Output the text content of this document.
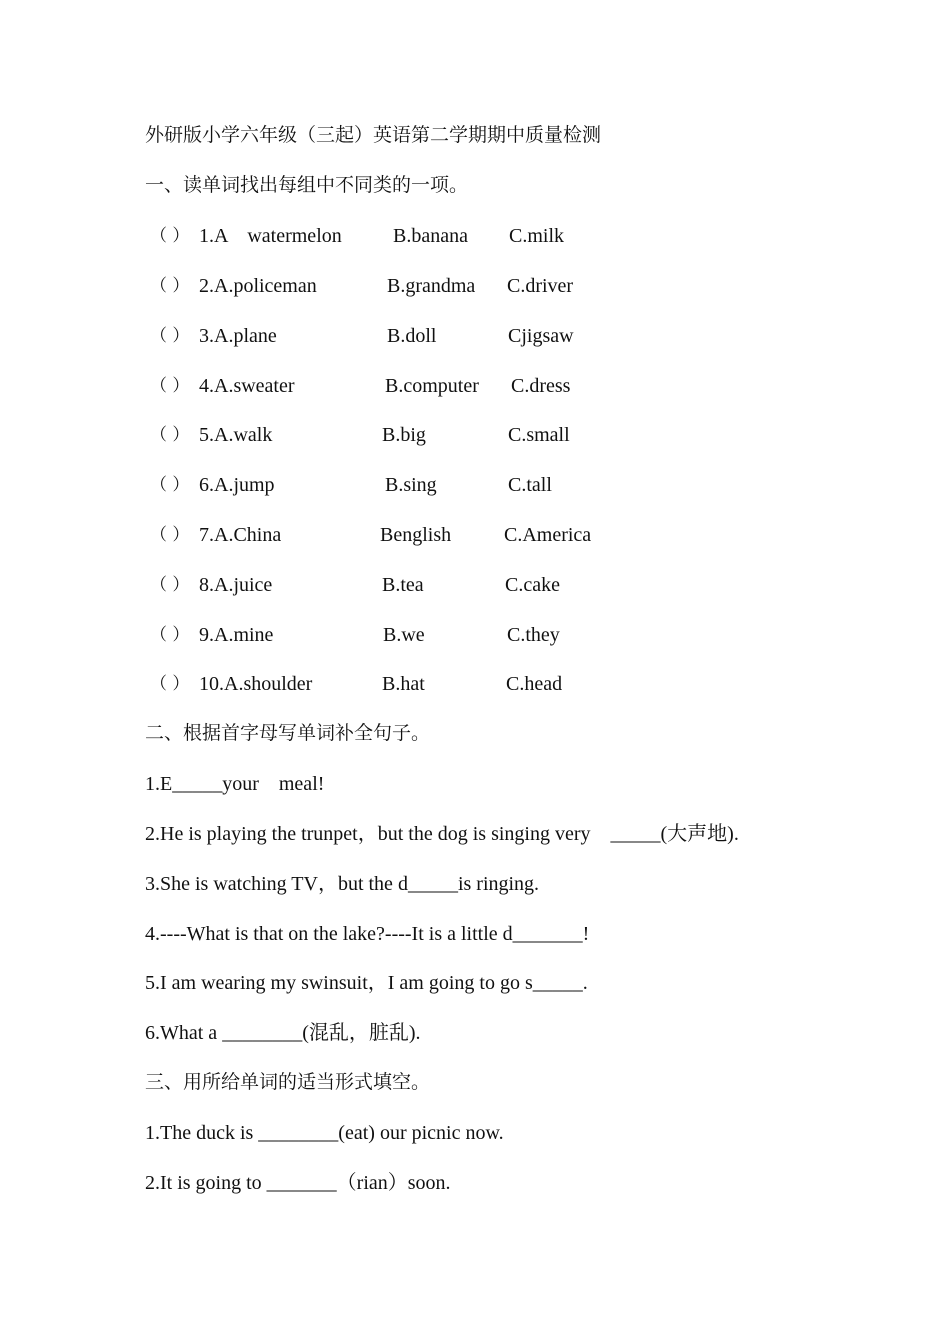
外研版小学六年级（三起）英语第二学期期中质量检测
一、读单词找出每组中不同类的一项。
（ ） 1.A    watermelon	B.banana C.milk
（ ） 2.A.policeman	B.grandma C.driver
（ ） 3.A.plane	B.doll	Cjigsaw
（ ） 4.A.sweater	B.computer C.dress
（ ） 5.A.walk	B.big	C.small
（ ） 6.A.jump	B.sing	C.tall
（ ） 7.A.China	Benglish	C.America
（ ） 8.A.juice	B.tea	C.cake
（ ） 9.A.mine	B.we	C.they
（ ） 10.A.shoulder	B.hat	C.head
二、根据首字母写单词补全句子。
1.E_____your    meal!
2.He is playing the trunpet，but the dog is singing very    _____(大声地).
3.She is watching TV，but the d_____is ringing.
4.----What is that on the lake?----It is a little d_______!
5.I am wearing my swinsuit，I am going to go s_____.
6.What a ________(混乱，脏乱).
三、用所给单词的适当形式填空。
1.The duck is ________(eat) our picnic now.
2.It is going to _______（rian）soon.
